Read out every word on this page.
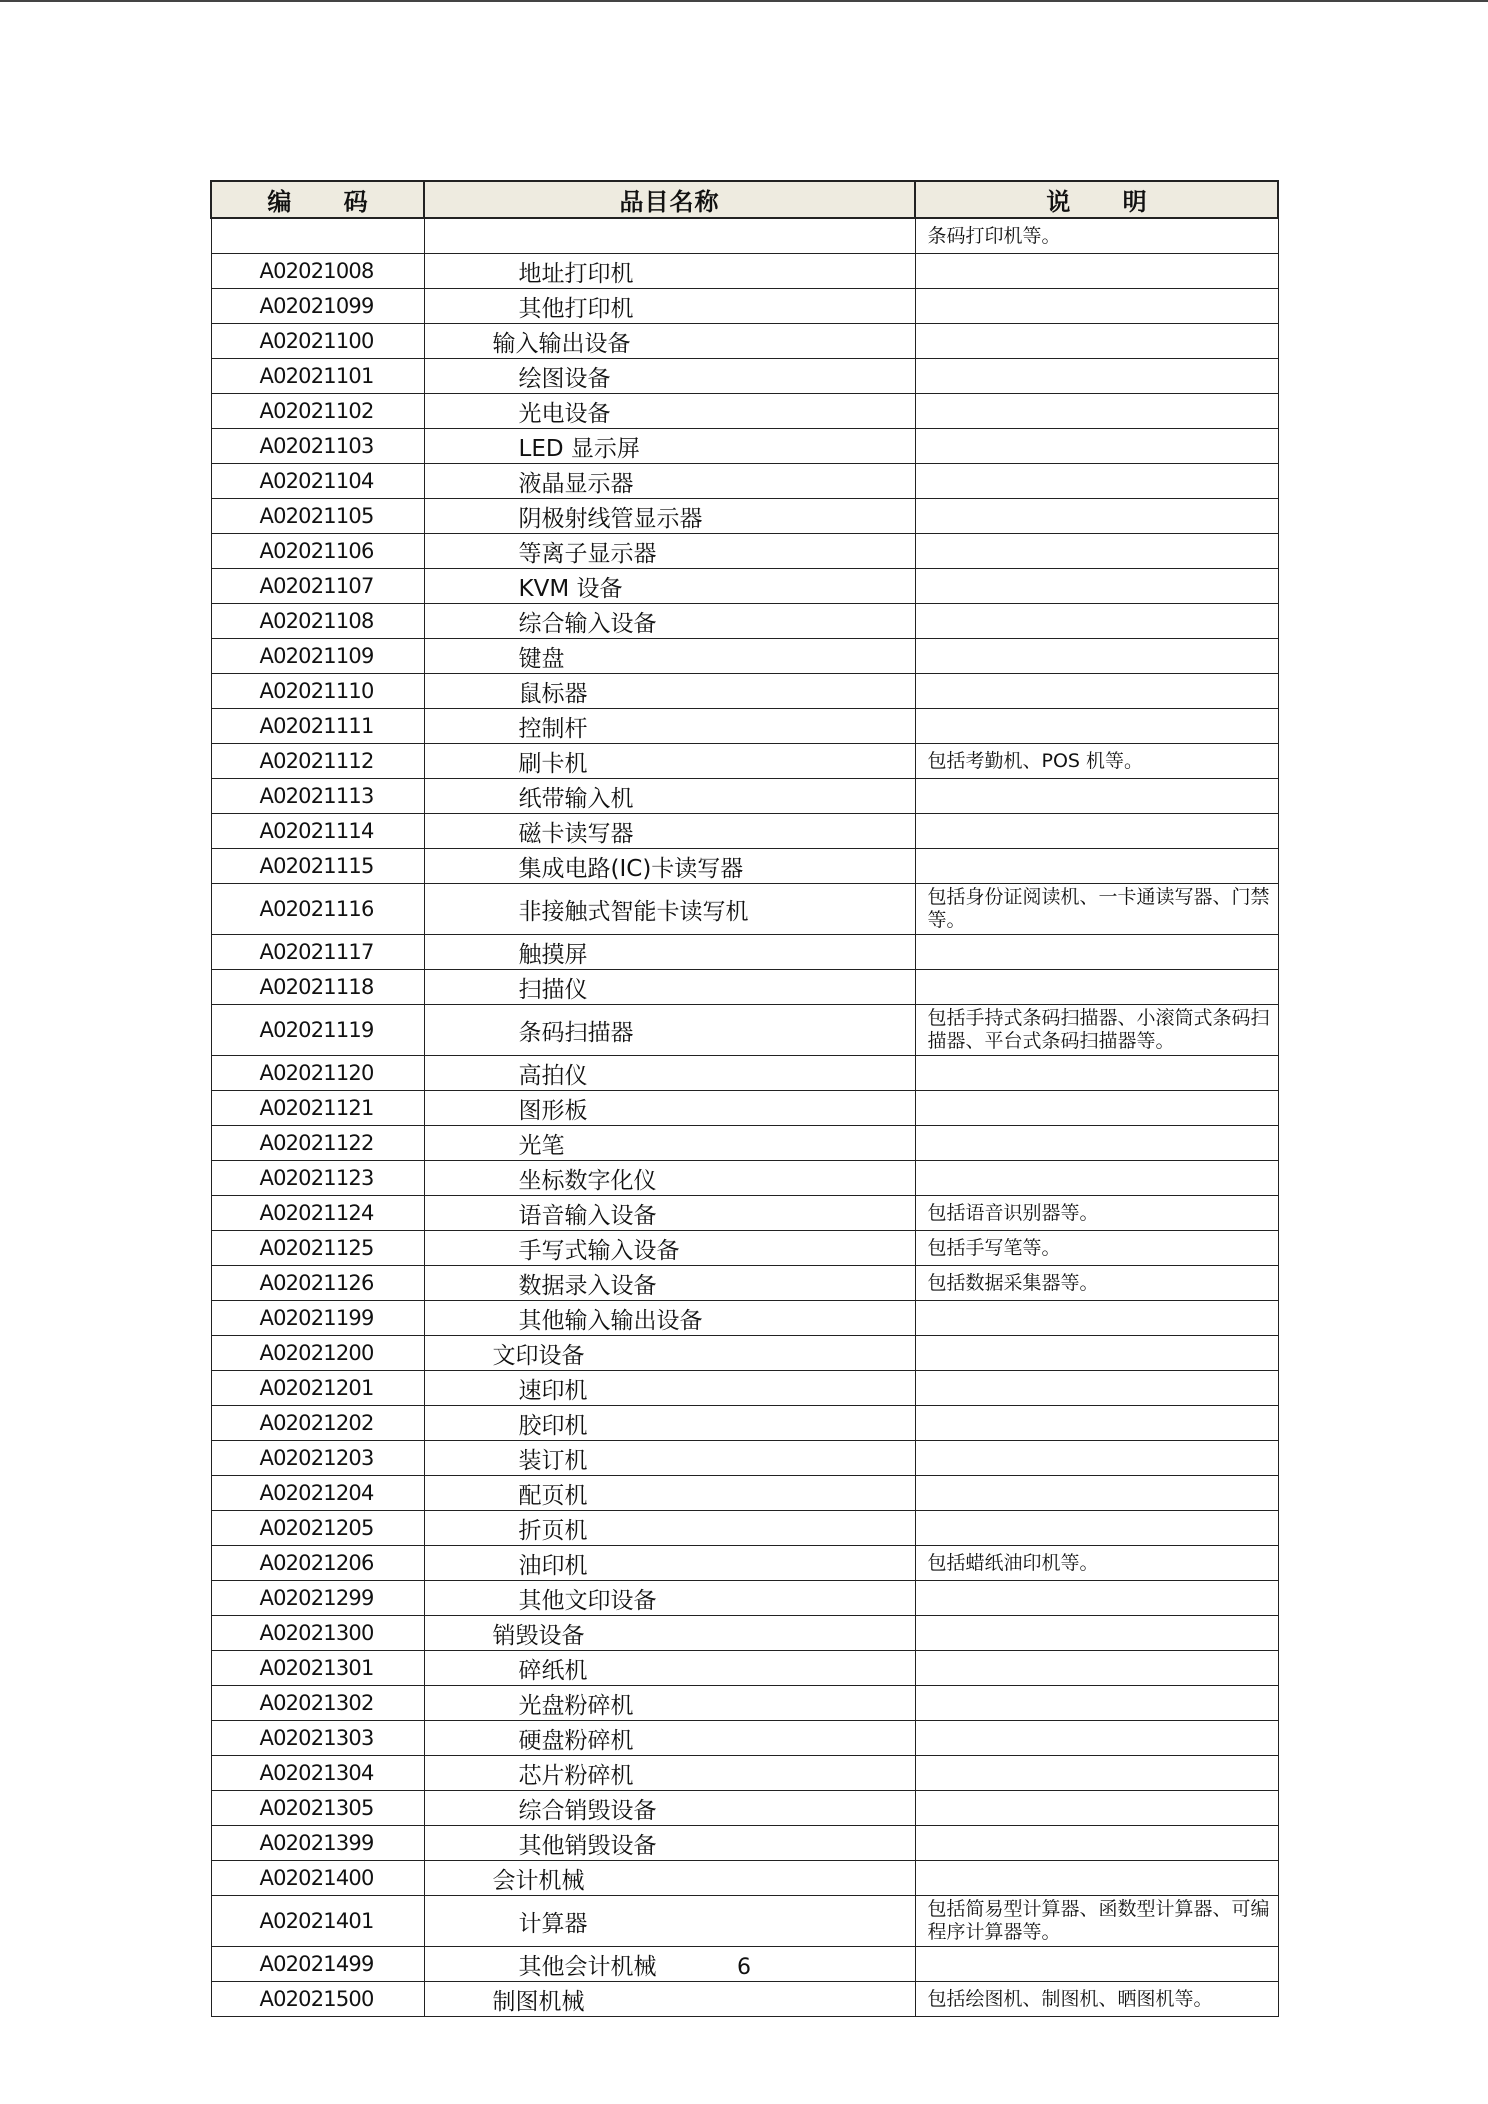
编 码	品目名称	说 明
		条码打印机等。
A02021008	地址打印机	
A02021099	其他打印机	
A02021100	输入输出设备	
A02021101	绘图设备	
A02021102	光电设备	
A02021103	LED 显示屏	
A02021104	液晶显示器	
A02021105	阴极射线管显示器	
A02021106	等离子显示器	
A02021107	KVM 设备	
A02021108	综合输入设备	
A02021109	键盘	
A02021110	鼠标器	
A02021111	控制杆	
A02021112	刷卡机	包括考勤机、POS 机等。
A02021113	纸带输入机	
A02021114	磁卡读写器	
A02021115	集成电路(IC)卡读写器	
A02021116	非接触式智能卡读写机	包括身份证阅读机、一卡通读写器、门禁等。
A02021117	触摸屏	
A02021118	扫描仪	
A02021119	条码扫描器	包括手持式条码扫描器、小滚筒式条码扫描器、平台式条码扫描器等。
A02021120	高拍仪	
A02021121	图形板	
A02021122	光笔	
A02021123	坐标数字化仪	
A02021124	语音输入设备	包括语音识别器等。
A02021125	手写式输入设备	包括手写笔等。
A02021126	数据录入设备	包括数据采集器等。
A02021199	其他输入输出设备	
A02021200	文印设备	
A02021201	速印机	
A02021202	胶印机	
A02021203	装订机	
A02021204	配页机	
A02021205	折页机	
A02021206	油印机	包括蜡纸油印机等。
A02021299	其他文印设备	
A02021300	销毁设备	
A02021301	碎纸机	
A02021302	光盘粉碎机	
A02021303	硬盘粉碎机	
A02021304	芯片粉碎机	
A02021305	综合销毁设备	
A02021399	其他销毁设备	
A02021400	会计机械	
A02021401	计算器	包括简易型计算器、函数型计算器、可编程序计算器等。
A02021499	其他会计机械	
A02021500	制图机械	包括绘图机、制图机、晒图机等。
6
